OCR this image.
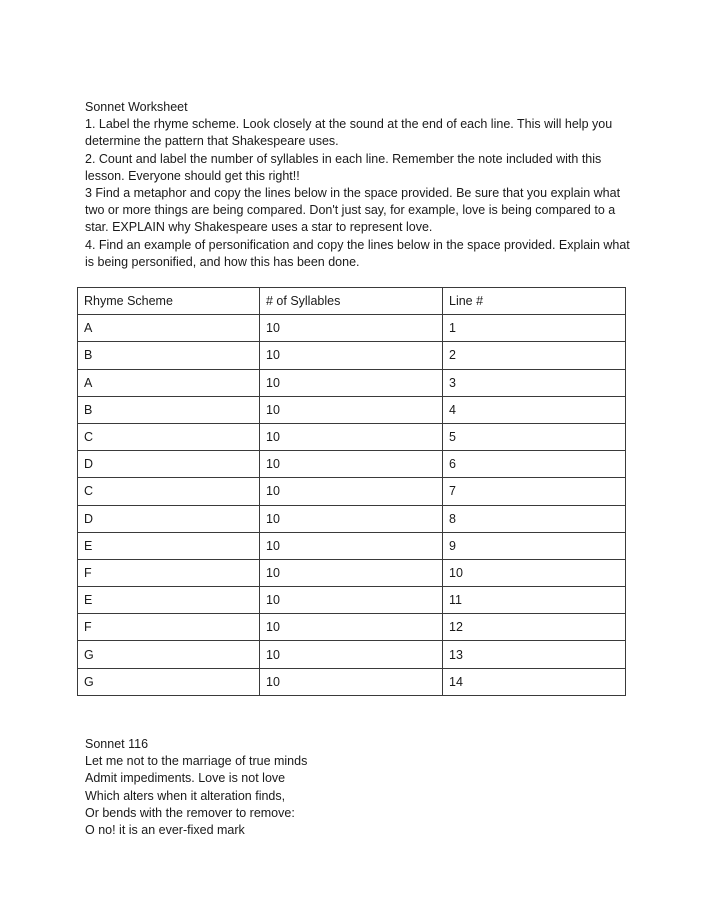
Sonnet Worksheet
1. Label the rhyme scheme. Look closely at the sound at the end of each line. This will help you determine the pattern that Shakespeare uses.
2. Count and label the number of syllables in each line. Remember the note included with this lesson. Everyone should get this right!!
3 Find a metaphor and copy the lines below in the space provided. Be sure that you explain what two or more things are being compared. Don't just say, for example, love is being compared to a star. EXPLAIN why Shakespeare uses a star to represent love.
4. Find an example of personification and copy the lines below in the space provided. Explain what is being personified, and how this has been done.
Rhyme Scheme	# of Syllables	Line #
A	10	1
B	10	2
A	10	3
B	10	4
C	10	5
D	10	6
C	10	7
D	10	8
E	10	9
F	10	10
E	10	11
F	10	12
G	10	13
G	10	14
Sonnet 116
Let me not to the marriage of true minds
Admit impediments. Love is not love
Which alters when it alteration finds,
Or bends with the remover to remove:
O no! it is an ever-fixed mark
